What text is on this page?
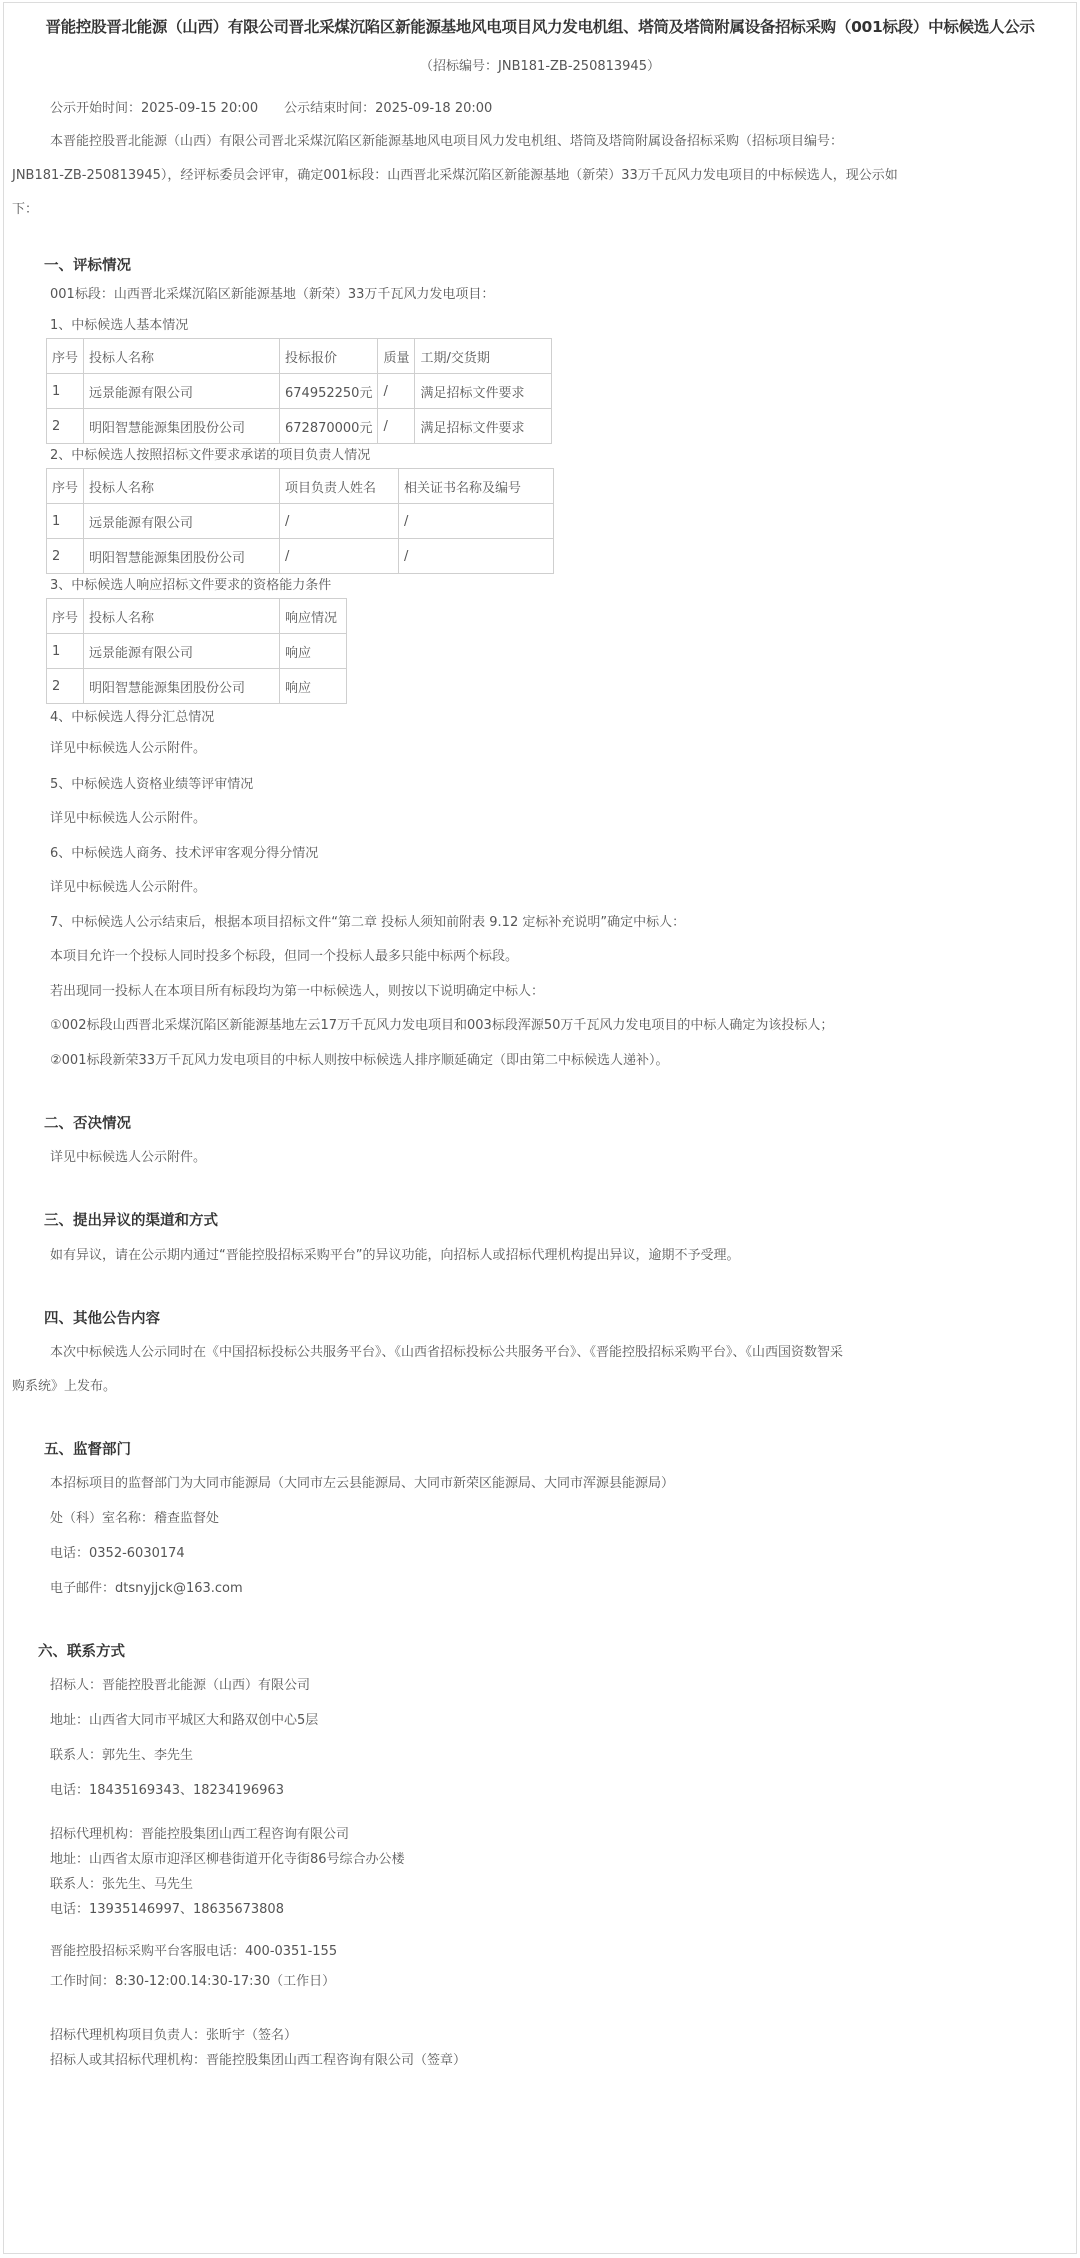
晋能控股晋北能源（山西）有限公司晋北采煤沉陷区新能源基地风电项目风力发电机组、塔筒及塔筒附属设备招标采购（001标段）中标候选人公示
（招标编号：JNB181-ZB-250813945）

公示开始时间：2025-09-15 20:00　　公示结束时间：2025-09-18 20:00

本晋能控股晋北能源（山西）有限公司晋北采煤沉陷区新能源基地风电项目风力发电机组、塔筒及塔筒附属设备招标采购（招标项目编号：

JNB181-ZB-250813945），经评标委员会评审，确定001标段：山西晋北采煤沉陷区新能源基地（新荣）33万千瓦风力发电项目的中标候选人，现公示如

下：

一、评标情况

001标段：山西晋北采煤沉陷区新能源基地（新荣）33万千瓦风力发电项目：

1、中标候选人基本情况

序号	投标人名称	投标报价	质量	工期/交货期
1	远景能源有限公司	674952250元	/	满足招标文件要求
2	明阳智慧能源集团股份公司	672870000元	/	满足招标文件要求

2、中标候选人按照招标文件要求承诺的项目负责人情况

序号	投标人名称	项目负责人姓名	相关证书名称及编号
1	远景能源有限公司	/	/
2	明阳智慧能源集团股份公司	/	/

3、中标候选人响应招标文件要求的资格能力条件

序号	投标人名称	响应情况
1	远景能源有限公司	响应
2	明阳智慧能源集团股份公司	响应

4、中标候选人得分汇总情况

详见中标候选人公示附件。

5、中标候选人资格业绩等评审情况

详见中标候选人公示附件。

6、中标候选人商务、技术评审客观分得分情况

详见中标候选人公示附件。

7、中标候选人公示结束后，根据本项目招标文件“第二章 投标人须知前附表 9.12 定标补充说明”确定中标人：

本项目允许一个投标人同时投多个标段，但同一个投标人最多只能中标两个标段。

若出现同一投标人在本项目所有标段均为第一中标候选人，则按以下说明确定中标人：

①002标段山西晋北采煤沉陷区新能源基地左云17万千瓦风力发电项目和003标段浑源50万千瓦风力发电项目的中标人确定为该投标人；

②001标段新荣33万千瓦风力发电项目的中标人则按中标候选人排序顺延确定（即由第二中标候选人递补）。

二、否决情况

详见中标候选人公示附件。

三、提出异议的渠道和方式

如有异议，请在公示期内通过“晋能控股招标采购平台”的异议功能，向招标人或招标代理机构提出异议，逾期不予受理。

四、其他公告内容

本次中标候选人公示同时在《中国招标投标公共服务平台》、《山西省招标投标公共服务平台》、《晋能控股招标采购平台》、《山西国资数智采

购系统》上发布。

五、监督部门

本招标项目的监督部门为大同市能源局（大同市左云县能源局、大同市新荣区能源局、大同市浑源县能源局）

处（科）室名称：稽查监督处

电话：0352-6030174

电子邮件：dtsnyjjck@163.com

六、联系方式

招标人：晋能控股晋北能源（山西）有限公司

地址：山西省大同市平城区大和路双创中心5层

联系人：郭先生、李先生

电话：18435169343、18234196963

招标代理机构：晋能控股集团山西工程咨询有限公司

地址：山西省太原市迎泽区柳巷街道开化寺街86号综合办公楼

联系人：张先生、马先生

电话：13935146997、18635673808

晋能控股招标采购平台客服电话：400-0351-155

工作时间：8:30-12:00.14:30-17:30（工作日）

招标代理机构项目负责人：张昕宇（签名）

招标人或其招标代理机构：晋能控股集团山西工程咨询有限公司（签章）
